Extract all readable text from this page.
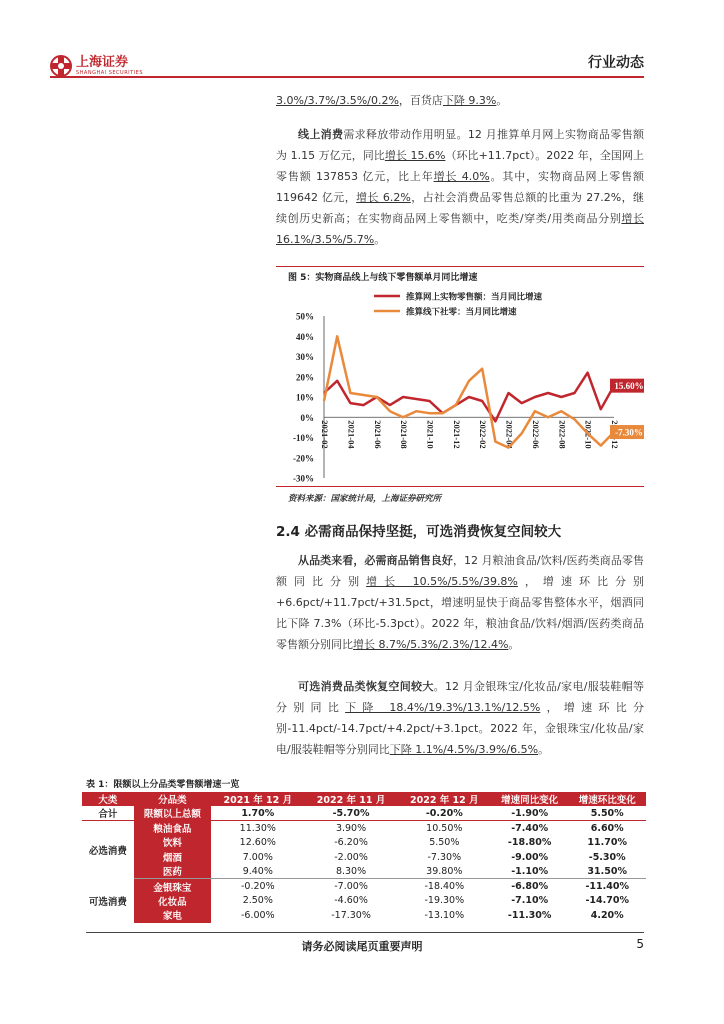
上海证券
SHANGHAI SECURITIES
行业动态
3.0%/3.7%/3.5%/0.2%，百货店下降 9.3%。
线上消费需求释放带动作用明显。12 月推算单月网上实物商品零售额为 1.15 万亿元，同比增长 15.6%（环比+11.7pct）。2022 年，全国网上零售额 137853 亿元，比上年增长 4.0%。其中，实物商品网上零售额 119642 亿元，增长 6.2%，占社会消费品零售总额的比重为 27.2%，继续创历史新高；在实物商品网上零售额中，吃类/穿类/用类商品分别增长 16.1%/3.5%/5.7%。
图 5：实物商品线上与线下零售额单月同比增速
推算网上实物零售额：当月同比增速
推算线下社零：当月同比增速
50%
40%
30%
20%
10%
0%
-10%
-20%
-30%
2021-02 2021-04 2021-06 2021-08 2021-10 2021-12 2022-02 2022-04 2022-06 2022-08 2022-10
15.60%
-7.30%
资料来源：国家统计局，上海证券研究所
2.4 必需商品保持坚挺，可选消费恢复空间较大
从品类来看，必需商品销售良好，12 月粮油食品/饮料/医药类商品零售额同比分别增长 10.5%/5.5%/39.8%，增速环比分别+6.6pct/+11.7pct/+31.5pct，增速明显快于商品零售整体水平，烟酒同比下降 7.3%（环比-5.3pct）。2022 年，粮油食品/饮料/烟酒/医药类商品零售额分别同比增长 8.7%/5.3%/2.3%/12.4%。
可选消费品类恢复空间较大。12 月金银珠宝/化妆品/家电/服装鞋帽等分别同比下降 18.4%/19.3%/13.1%/12.5%，增速环比分别-11.4pct/-14.7pct/+4.2pct/+3.1pct。2022 年，金银珠宝/化妆品/家电/服装鞋帽等分别同比下降 1.1%/4.5%/3.9%/6.5%。
表 1：限额以上分品类零售额增速一览
大类	分品类	2021 年 12 月	2022 年 11 月	2022 年 12 月	增速同比变化	增速环比变化
合计	限额以上总额	1.70%	-5.70%	-0.20%	-1.90%	5.50%
必选消费	粮油食品	11.30%	3.90%	10.50%	-7.40%	6.60%
	饮料	12.60%	-6.20%	5.50%	-18.80%	11.70%
	烟酒	7.00%	-2.00%	-7.30%	-9.00%	-5.30%
	医药	9.40%	8.30%	39.80%	-1.10%	31.50%
可选消费	金银珠宝	-0.20%	-7.00%	-18.40%	-6.80%	-11.40%
	化妆品	2.50%	-4.60%	-19.30%	-7.10%	-14.70%
	家电	-6.00%	-17.30%	-13.10%	-11.30%	4.20%
请务必阅读尾页重要声明	5
